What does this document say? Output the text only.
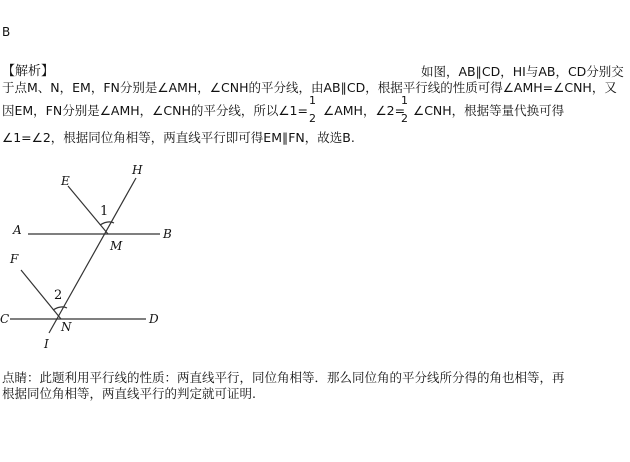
B
【解析】	如图，AB∥CD，HI与AB，CD分别交
于点M、N，EM，FN分别是∠AMH，∠CNH的平分线，由AB∥CD，根据平行线的性质可得∠AMH=∠CNH，又
因EM，FN分别是∠AMH，∠CNH的平分线，所以∠1=
1
2
∠AMH，∠2=
1
2
∠CNH，根据等量代换可得
∠1=∠2，根据同位角相等，两直线平行即可得EM∥FN，故选B.
E
H
A	B
M
F
C	D
N
I
1
2
点睛：此题利用平行线的性质：两直线平行，同位角相等．那么同位角的平分线所分得的角也相等，再
根据同位角相等，两直线平行的判定就可证明.
